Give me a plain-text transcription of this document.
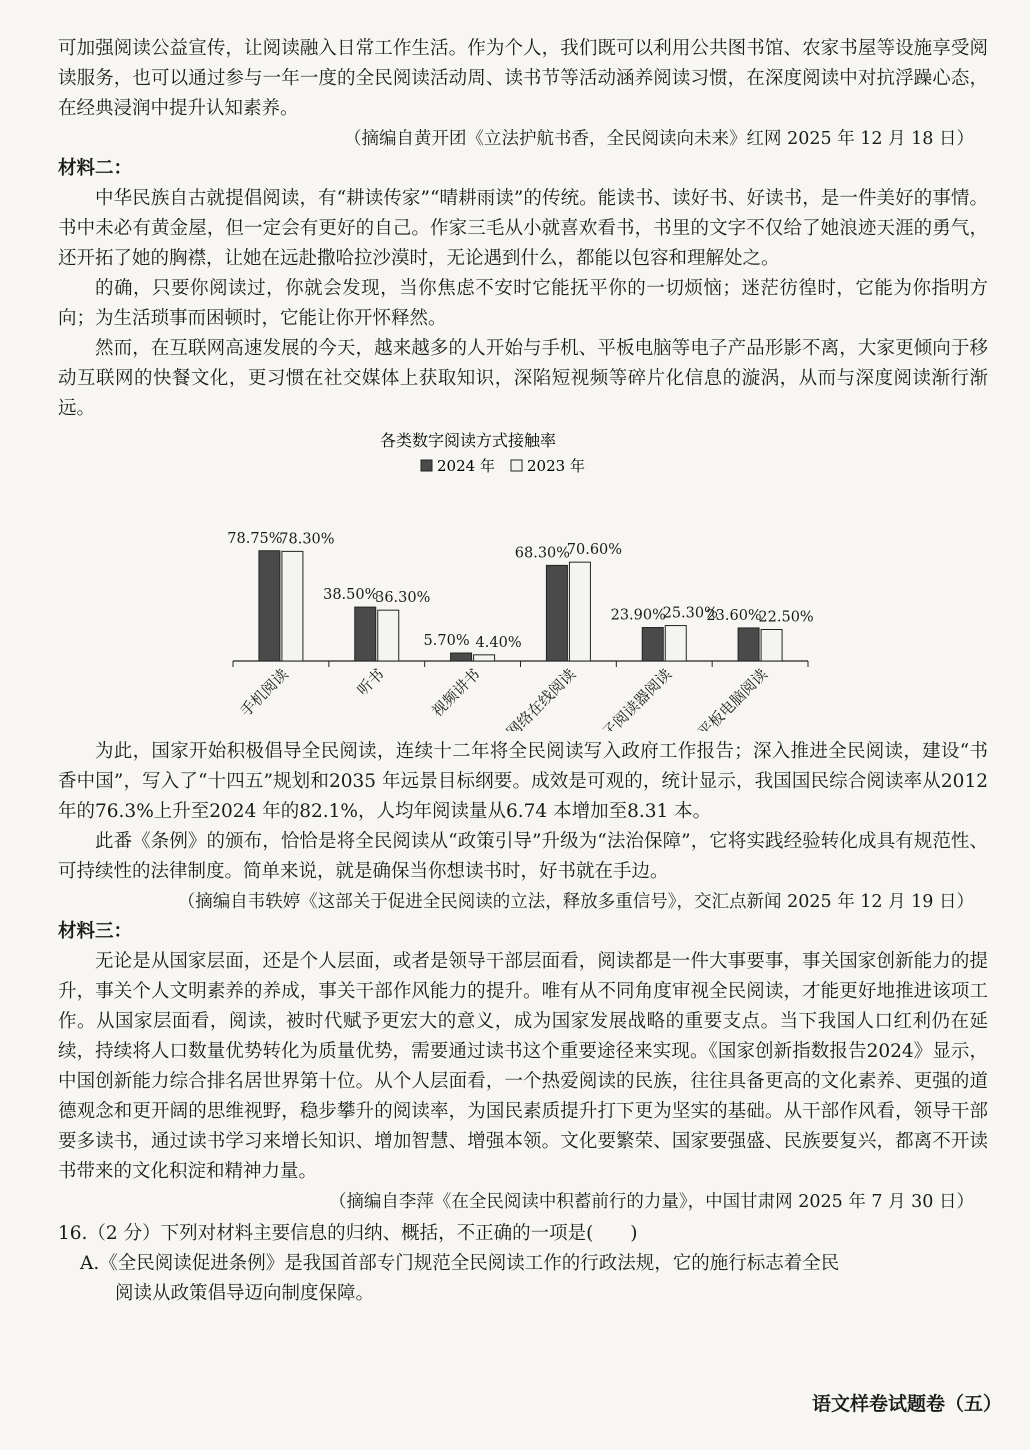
可加强阅读公益宣传，让阅读融入日常工作生活。作为个人，我们既可以利用公共图书馆、农家书屋等设施享受阅读服务，也可以通过参与一年一度的全民阅读活动周、读书节等活动涵养阅读习惯，在深度阅读中对抗浮躁心态，在经典浸润中提升认知素养。

（摘编自黄开团《立法护航书香，全民阅读向未来》红网 2025 年 12 月 18 日）

材料二：

中华民族自古就提倡阅读，有“耕读传家”“晴耕雨读”的传统。能读书、读好书、好读书，是一件美好的事情。书中未必有黄金屋，但一定会有更好的自己。作家三毛从小就喜欢看书，书里的文字不仅给了她浪迹天涯的勇气，还开拓了她的胸襟，让她在远赴撒哈拉沙漠时，无论遇到什么，都能以包容和理解处之。

的确，只要你阅读过，你就会发现，当你焦虑不安时它能抚平你的一切烦恼；迷茫彷徨时，它能为你指明方向；为生活琐事而困顿时，它能让你开怀释然。

然而，在互联网高速发展的今天，越来越多的人开始与手机、平板电脑等电子产品形影不离，大家更倾向于移动互联网的快餐文化，更习惯在社交媒体上获取知识，深陷短视频等碎片化信息的漩涡，从而与深度阅读渐行渐远。

各类数字阅读方式接触率
2024 年 2023 年
78.75%
78.30%
手机阅读
38.50%
36.30%
听书
5.70% 4.40%
视频讲书
68.30%
70.60%
网络在线阅读
23.90%
25.30%
电子阅读器阅读
23.60%
22.50%
平板电脑阅读

为此，国家开始积极倡导全民阅读，连续十二年将全民阅读写入政府工作报告；深入推进全民阅读，建设“书香中国”，写入了“十四五”规划和2035 年远景目标纲要。成效是可观的，统计显示，我国国民综合阅读率从2012 年的76.3%上升至2024 年的82.1%，人均年阅读量从6.74 本增加至8.31 本。

此番《条例》的颁布，恰恰是将全民阅读从“政策引导”升级为“法治保障”，它将实践经验转化成具有规范性、可持续性的法律制度。简单来说，就是确保当你想读书时，好书就在手边。

（摘编自韦轶婷《这部关于促进全民阅读的立法，释放多重信号》，交汇点新闻 2025 年 12 月 19 日）

材料三：

无论是从国家层面，还是个人层面，或者是领导干部层面看，阅读都是一件大事要事，事关国家创新能力的提升，事关个人文明素养的养成，事关干部作风能力的提升。唯有从不同角度审视全民阅读，才能更好地推进该项工作。从国家层面看，阅读，被时代赋予更宏大的意义，成为国家发展战略的重要支点。当下我国人口红利仍在延续，持续将人口数量优势转化为质量优势，需要通过读书这个重要途径来实现。《国家创新指数报告2024》显示，中国创新能力综合排名居世界第十位。从个人层面看，一个热爱阅读的民族，往往具备更高的文化素养、更强的道德观念和更开阔的思维视野，稳步攀升的阅读率，为国民素质提升打下更为坚实的基础。从干部作风看，领导干部要多读书，通过读书学习来增长知识、增加智慧、增强本领。文化要繁荣、国家要强盛、民族要复兴，都离不开读书带来的文化积淀和精神力量。

（摘编自李萍《在全民阅读中积蓄前行的力量》，中国甘肃网 2025 年 7 月 30 日）

16.（2 分）下列对材料主要信息的归纳、概括，不正确的一项是(　　)
A.《全民阅读促进条例》是我国首部专门规范全民阅读工作的行政法规，它的施行标志着全民
阅读从政策倡导迈向制度保障。
语文样卷试题卷（五）
